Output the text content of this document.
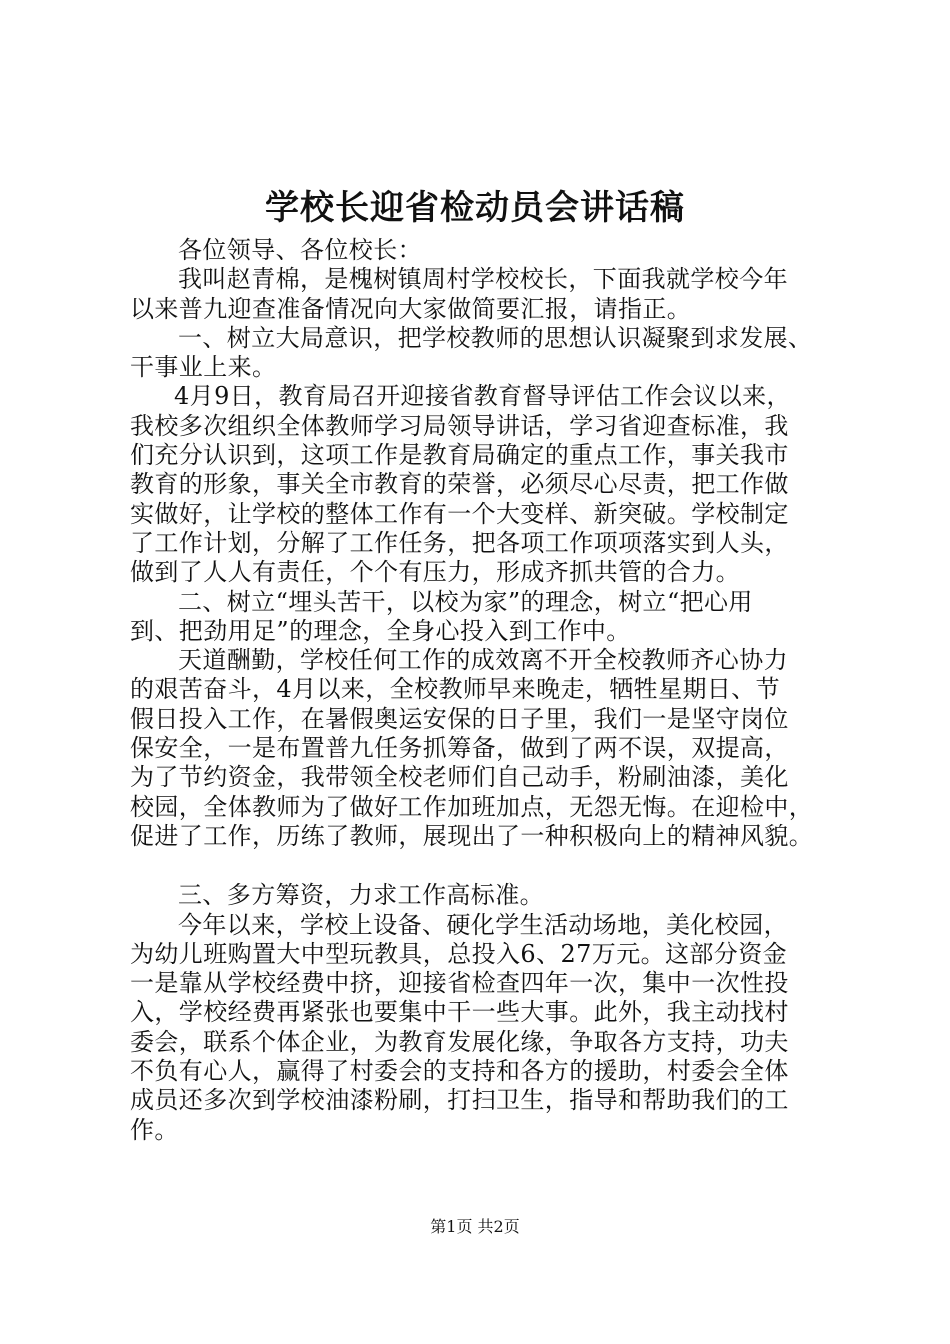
学校长迎省检动员会讲话稿
各位领导、各位校长：
我叫赵青棉，是槐树镇周村学校校长，下面我就学校今年
以来普九迎查准备情况向大家做简要汇报，请指正。
一、树立大局意识，把学校教师的思想认识凝聚到求发展、
干事业上来。
4月9日，教育局召开迎接省教育督导评估工作会议以来，
我校多次组织全体教师学习局领导讲话，学习省迎查标准，我
们充分认识到，这项工作是教育局确定的重点工作，事关我市
教育的形象，事关全市教育的荣誉，必须尽心尽责，把工作做
实做好，让学校的整体工作有一个大变样、新突破。学校制定
了工作计划，分解了工作任务，把各项工作项项落实到人头，
做到了人人有责任，个个有压力，形成齐抓共管的合力。
二、树立“埋头苦干，以校为家”的理念，树立“把心用
到、把劲用足”的理念，全身心投入到工作中。
天道酬勤，学校任何工作的成效离不开全校教师齐心协力
的艰苦奋斗，4月以来，全校教师早来晚走，牺牲星期日、节
假日投入工作，在暑假奥运安保的日子里，我们一是坚守岗位
保安全，一是布置普九任务抓筹备，做到了两不误，双提高，
为了节约资金，我带领全校老师们自己动手，粉刷油漆，美化
校园，全体教师为了做好工作加班加点，无怨无悔。在迎检中，
促进了工作，历练了教师，展现出了一种积极向上的精神风貌。
三、多方筹资，力求工作高标准。
今年以来，学校上设备、硬化学生活动场地，美化校园，
为幼儿班购置大中型玩教具，总投入6、27万元。这部分资金
一是靠从学校经费中挤，迎接省检查四年一次，集中一次性投
入，学校经费再紧张也要集中干一些大事。此外，我主动找村
委会，联系个体企业，为教育发展化缘，争取各方支持，功夫
不负有心人，赢得了村委会的支持和各方的援助，村委会全体
成员还多次到学校油漆粉刷，打扫卫生，指导和帮助我们的工
作。
第1页 共2页
